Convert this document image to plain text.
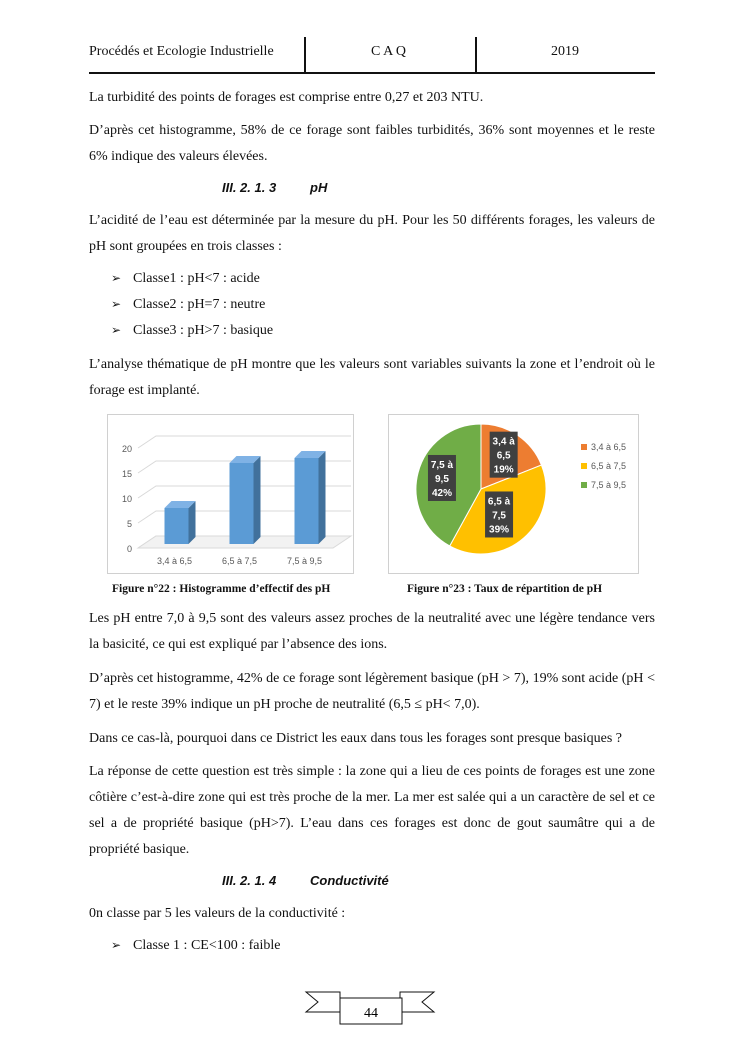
Procédés et Ecologie Industrielle	C A Q	2019

La turbidité des points de forages est comprise entre 0,27 et 203 NTU.

D’après cet histogramme, 58% de ce forage sont faibles turbidités, 36% sont moyennes et le reste 6% indique des valeurs élevées.

III. 2. 1. 3	pH

L’acidité de l’eau est déterminée par la mesure du pH. Pour les 50 différents forages, les valeurs de pH sont groupées en trois classes :

➢ Classe1 : pH<7 : acide
➢ Classe2 : pH=7 : neutre
➢ Classe3 : pH>7 : basique

L’analyse thématique de pH montre que les valeurs sont variables suivants la zone et l’endroit où le forage est implanté.

0
5
10
15
20
3,4 à 6,5	6,5 à 7,5	7,5 à 9,5
3,4 à
6,5
19%
6,5 à
7,5
39%
7,5 à
9,5
42%
3,4 à 6,5
6,5 à 7,5
7,5 à 9,5
Figure n°22 : Histogramme d’effectif des pH	Figure n°23 : Taux de répartition de pH

Les pH entre 7,0 à 9,5 sont des valeurs assez proches de la neutralité avec une légère tendance vers la basicité, ce qui est expliqué par l’absence des ions.

D’après cet histogramme, 42% de ce forage sont légèrement basique (pH > 7), 19% sont acide (pH < 7) et le reste 39% indique un pH proche de neutralité (6,5 ≤ pH< 7,0).

Dans ce cas-là, pourquoi dans ce District les eaux dans tous les forages sont presque basiques ?

La réponse de cette question est très simple : la zone qui a lieu de ces points de forages est une zone côtière c’est-à-dire zone qui est très proche de la mer. La mer est salée qui a un caractère de sel et ce sel a de propriété basique (pH>7). L’eau dans ces forages est donc de gout saumâtre qui a de propriété basique.

III. 2. 1. 4	Conductivité

0n classe par 5 les valeurs de la conductivité :

➢ Classe 1 : CE<100 : faible
44
